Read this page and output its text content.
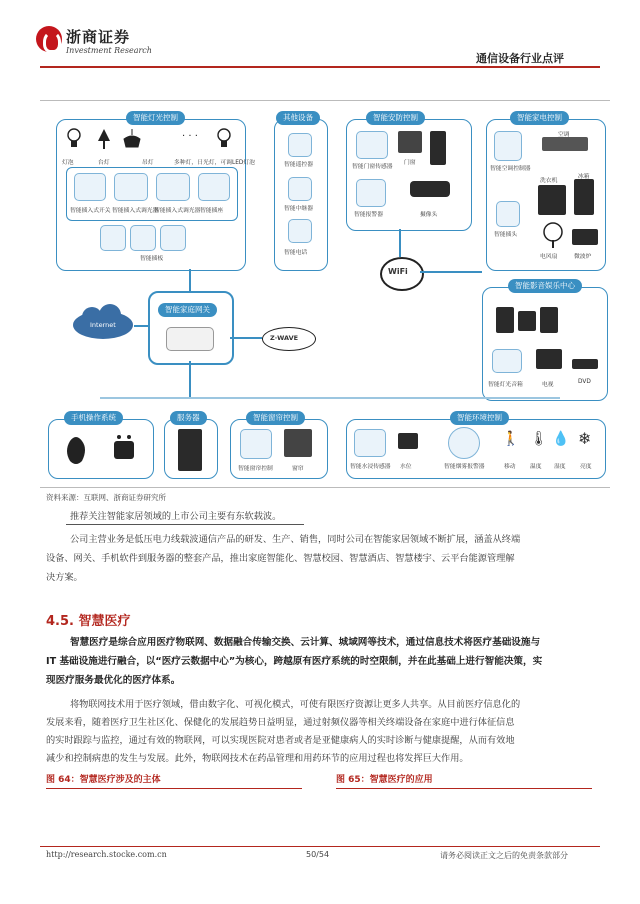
浙商证券
Investment Research
通信设备行业点评
智能灯光控制
· · ·
灯泡	台灯	吊灯	多种灯，日光灯，可调LED灯泡
智能插入式开关 智能插入式调光器
智能插入式调光器 智能插座
智能插板
其他设备
智能遥控器
智能中继器
智能电话
智能安防控制
智能门窗传感器
门窗
智能报警器	摄像头
智能家电控制
智能空调控制器
空调
洗衣机
冰箱
智能插头
电风扇	微波炉
智能家庭网关
Internet
WiFi
Z·WAVE
智能影音娱乐中心
智能灯光音箱	电视	DVD
手机操作系统	服务器	智能窗帘控制
智能窗帘控制	窗帘
智能环境控制
智能水浸传感器 水位	智能烟雾报警器
🚶
移动
🌡
温度
💧
湿度
❄
亮度
资料来源：互联网、浙商证券研究所
推荐关注智能家居领域的上市公司主要有东软载波。
公司主营业务是低压电力线载波通信产品的研发、生产、销售，同时公司在智能家居领域不断扩展，涵盖从终端
设备、网关、手机软件到服务器的整套产品，推出家庭智能化、智慧校园、智慧酒店、智慧楼宇、云平台能源管理解
决方案。
4.5. 智慧医疗
智慧医疗是综合应用医疗物联网、数据融合传输交换、云计算、城域网等技术，通过信息技术将医疗基础设施与
IT 基础设施进行融合，以“医疗云数据中心”为核心，跨越原有医疗系统的时空限制，并在此基础上进行智能决策，实
现医疗服务最优化的医疗体系。
将物联网技术用于医疗领域，借由数字化、可视化模式，可使有限医疗资源让更多人共享。从目前医疗信息化的
发展来看，随着医疗卫生社区化、保健化的发展趋势日益明显，通过射频仪器等相关终端设备在家庭中进行体征信息
的实时跟踪与监控，通过有效的物联网，可以实现医院对患者或者是亚健康病人的实时诊断与健康提醒，从而有效地
减少和控制病患的发生与发展。此外，物联网技术在药品管理和用药环节的应用过程也将发挥巨大作用。
图 64：智慧医疗涉及的主体	图 65：智慧医疗的应用
http://research.stocke.com.cn	50/54	请务必阅读正文之后的免责条款部分
